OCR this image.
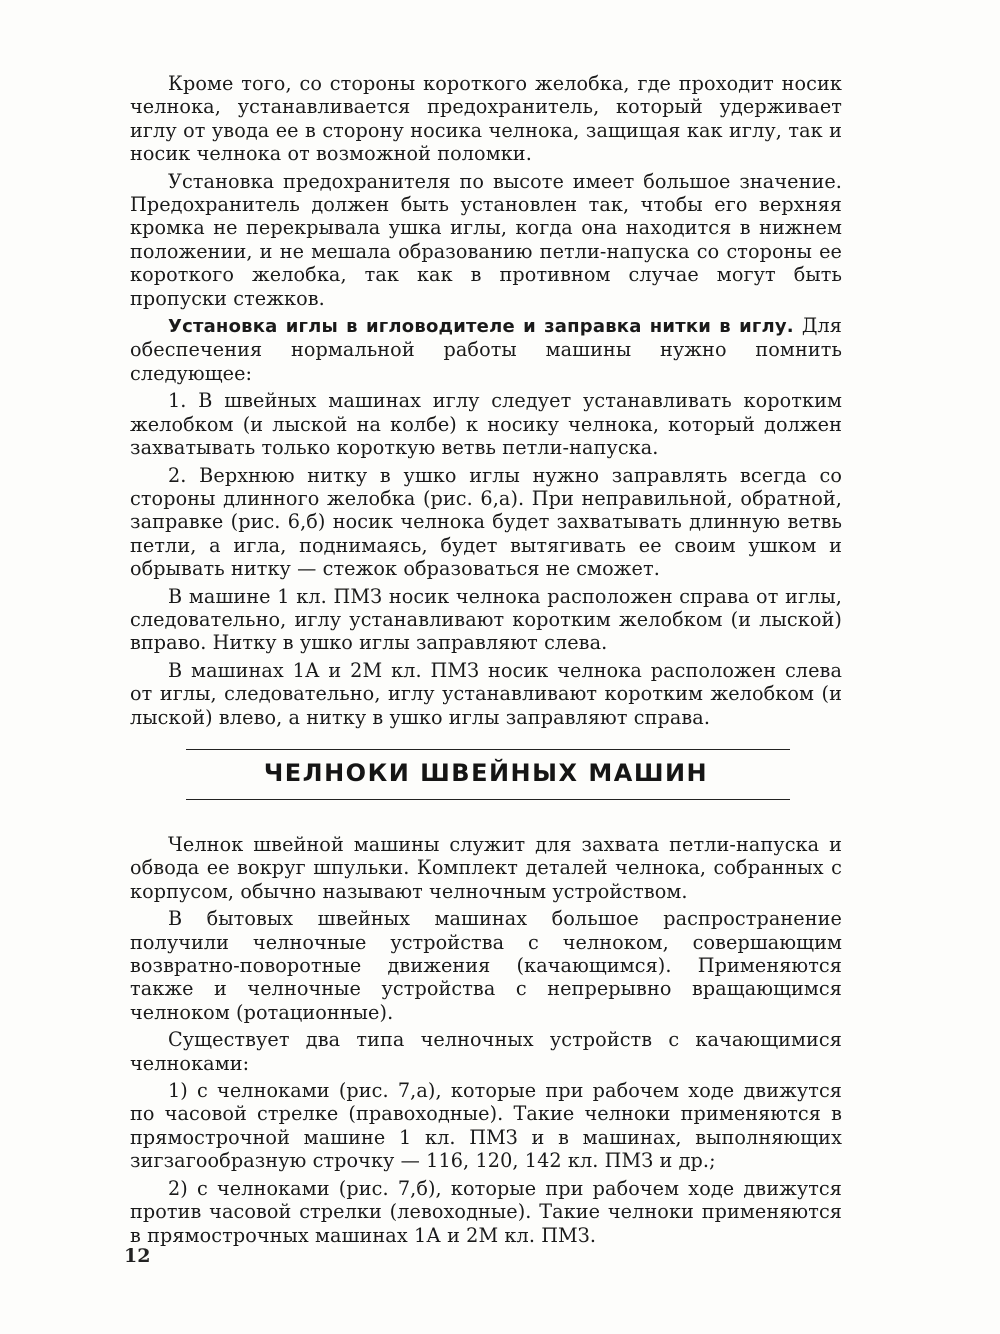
Кроме того, со стороны короткого желобка, где проходит носик челнока, устанавливается предохранитель, который удерживает иглу от увода ее в сторону носика челнока, защищая как иглу, так и носик челнока от возможной поломки.

Установка предохранителя по высоте имеет большое значение. Предохранитель должен быть установлен так, чтобы его верхняя кромка не перекрывала ушка иглы, когда она находится в нижнем положении, и не мешала образованию петли-напуска со стороны ее короткого желобка, так как в противном случае могут быть пропуски стежков.

Установка иглы в игловодителе и заправка нитки в иглу. Для обеспечения нормальной работы машины нужно помнить следующее:

1. В швейных машинах иглу следует устанавливать коротким желобком (и лыской на колбе) к носику челнока, который должен захватывать только короткую ветвь петли-напуска.

2. Верхнюю нитку в ушко иглы нужно заправлять всегда со стороны длинного желобка (рис. 6,а). При неправильной, обратной, заправке (рис. 6,б) носик челнока будет захватывать длинную ветвь петли, а игла, поднимаясь, будет вытягивать ее своим ушком и обрывать нитку — стежок образоваться не сможет.

В машине 1 кл. ПМЗ носик челнока расположен справа от иглы, следовательно, иглу устанавливают коротким желобком (и лыской) вправо. Нитку в ушко иглы заправляют слева.

В машинах 1А и 2М кл. ПМЗ носик челнока расположен слева от иглы, следовательно, иглу устанавливают коротким желобком (и лыской) влево, а нитку в ушко иглы заправляют справа.

ЧЕЛНОКИ ШВЕЙНЫХ МАШИН

Челнок швейной машины служит для захвата петли-напуска и обвода ее вокруг шпульки. Комплект деталей челнока, собранных с корпусом, обычно называют челночным устройством.

В бытовых швейных машинах большое распространение получили челночные устройства с челноком, совершающим возвратно-поворотные движения (качающимся). Применяются также и челночные устройства с непрерывно вращающимся челноком (ротационные).

Существует два типа челночных устройств с качающимися челноками:

1) с челноками (рис. 7,а), которые при рабочем ходе движутся по часовой стрелке (правоходные). Такие челноки применяются в прямострочной машине 1 кл. ПМЗ и в машинах, выполняющих зигзагообразную строчку — 116, 120, 142 кл. ПМЗ и др.;

2) с челноками (рис. 7,б), которые при рабочем ходе движутся против часовой стрелки (левоходные). Такие челноки применяются в прямострочных машинах 1А и 2М кл. ПМЗ.

12
